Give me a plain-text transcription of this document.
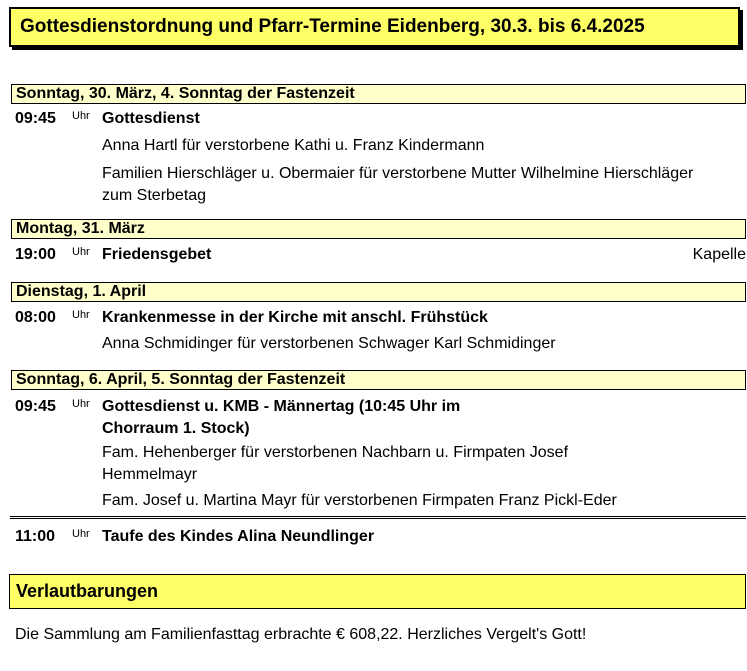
Gottesdienstordnung und Pfarr-Termine Eidenberg, 30.3. bis 6.4.2025
Sonntag, 30. März, 4. Sonntag der Fastenzeit
09:45 Uhr Gottesdienst
Anna Hartl für verstorbene Kathi u. Franz Kindermann
Familien Hierschläger u. Obermaier für verstorbene Mutter Wilhelmine Hierschläger zum Sterbetag
Montag, 31. März
19:00 Uhr Friedensgebet	Kapelle
Dienstag, 1. April
08:00 Uhr Krankenmesse in der Kirche mit anschl. Frühstück
Anna Schmidinger für verstorbenen Schwager Karl Schmidinger
Sonntag, 6. April, 5. Sonntag der Fastenzeit
09:45 Uhr Gottesdienst u. KMB - Männertag (10:45 Uhr im Chorraum 1. Stock)
Fam. Hehenberger für verstorbenen Nachbarn u. Firmpaten Josef Hemmelmayr
Fam. Josef u. Martina Mayr für verstorbenen Firmpaten Franz Pickl-Eder
11:00 Uhr Taufe des Kindes Alina Neundlinger
Verlautbarungen
Die Sammlung am Familienfasttag erbrachte € 608,22. Herzliches Vergelt's Gott!
